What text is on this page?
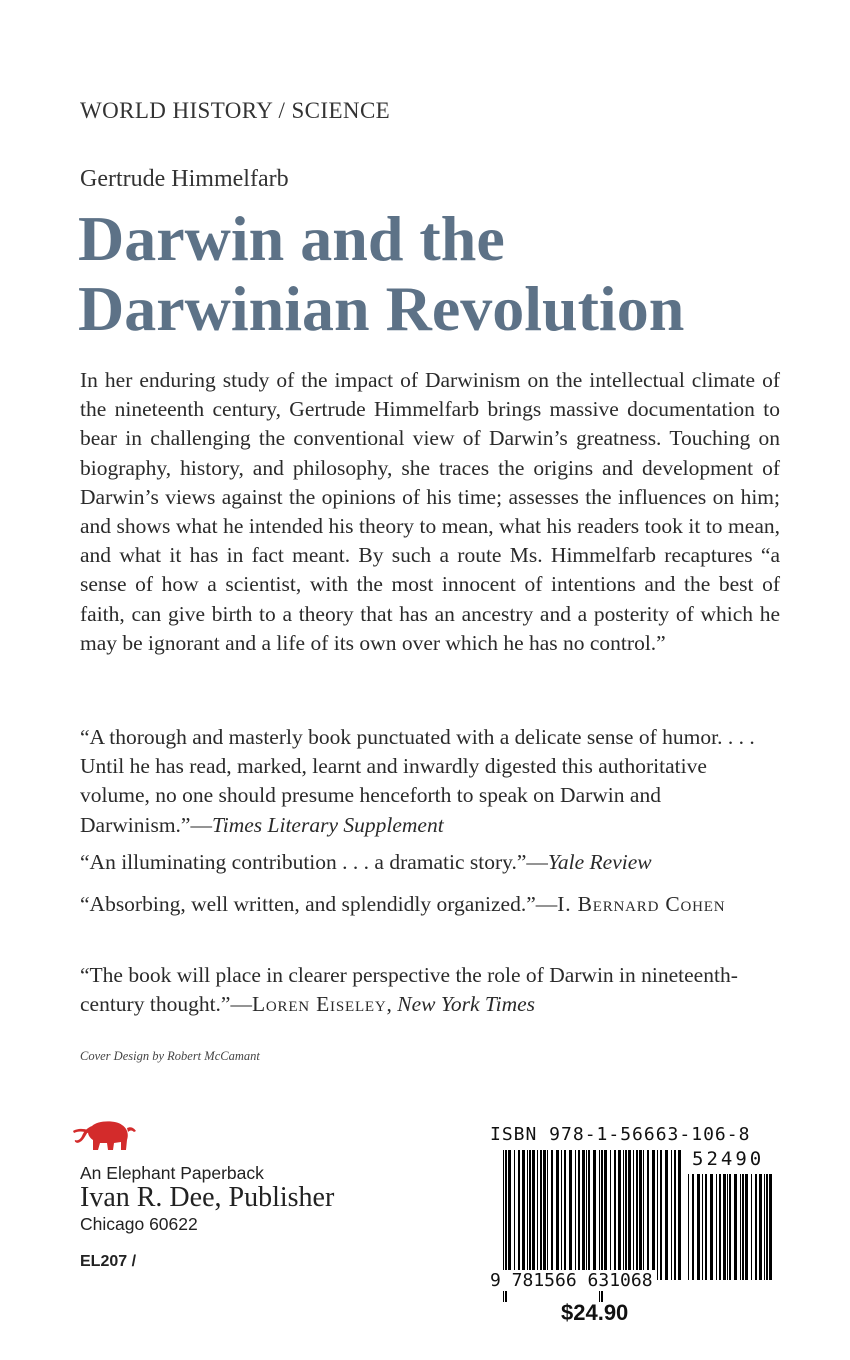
WORLD HISTORY / SCIENCE
Gertrude Himmelfarb
Darwin and the
Darwinian Revolution

In her enduring study of the impact of Darwinism on the intellectual climate of the nineteenth century, Gertrude Himmelfarb brings massive documentation to bear in challenging the conventional view of Darwin’s greatness. Touching on biography, history, and philosophy, she traces the origins and development of Darwin’s views against the opinions of his time; assesses the influences on him; and shows what he intended his theory to mean, what his readers took it to mean, and what it has in fact meant. By such a route Ms. Himmelfarb recaptures “a sense of how a scientist, with the most innocent of intentions and the best of faith, can give birth to a theory that has an ancestry and a posterity of which he may be ignorant and a life of its own over which he has no control.”

“A thorough and masterly book punctuated with a delicate sense of humor. . . . Until he has read, marked, learnt and inwardly digested this authoritative volume, no one should presume henceforth to speak on Darwin and Darwinism.”—Times Literary Supplement

“An illuminating contribution . . . a dramatic story.”—Yale Review

“Absorbing, well written, and splendidly organized.”—I. Bernard Cohen

“The book will place in clearer perspective the role of Darwin in nineteenth-century thought.”—Loren Eiseley, New York Times

Cover Design by Robert McCamant
An Elephant Paperback
Ivan R. Dee, Publisher
Chicago 60622
EL207 /
ISBN 978-1-56663-106-8
52490
9 781566 631068
$24.90
